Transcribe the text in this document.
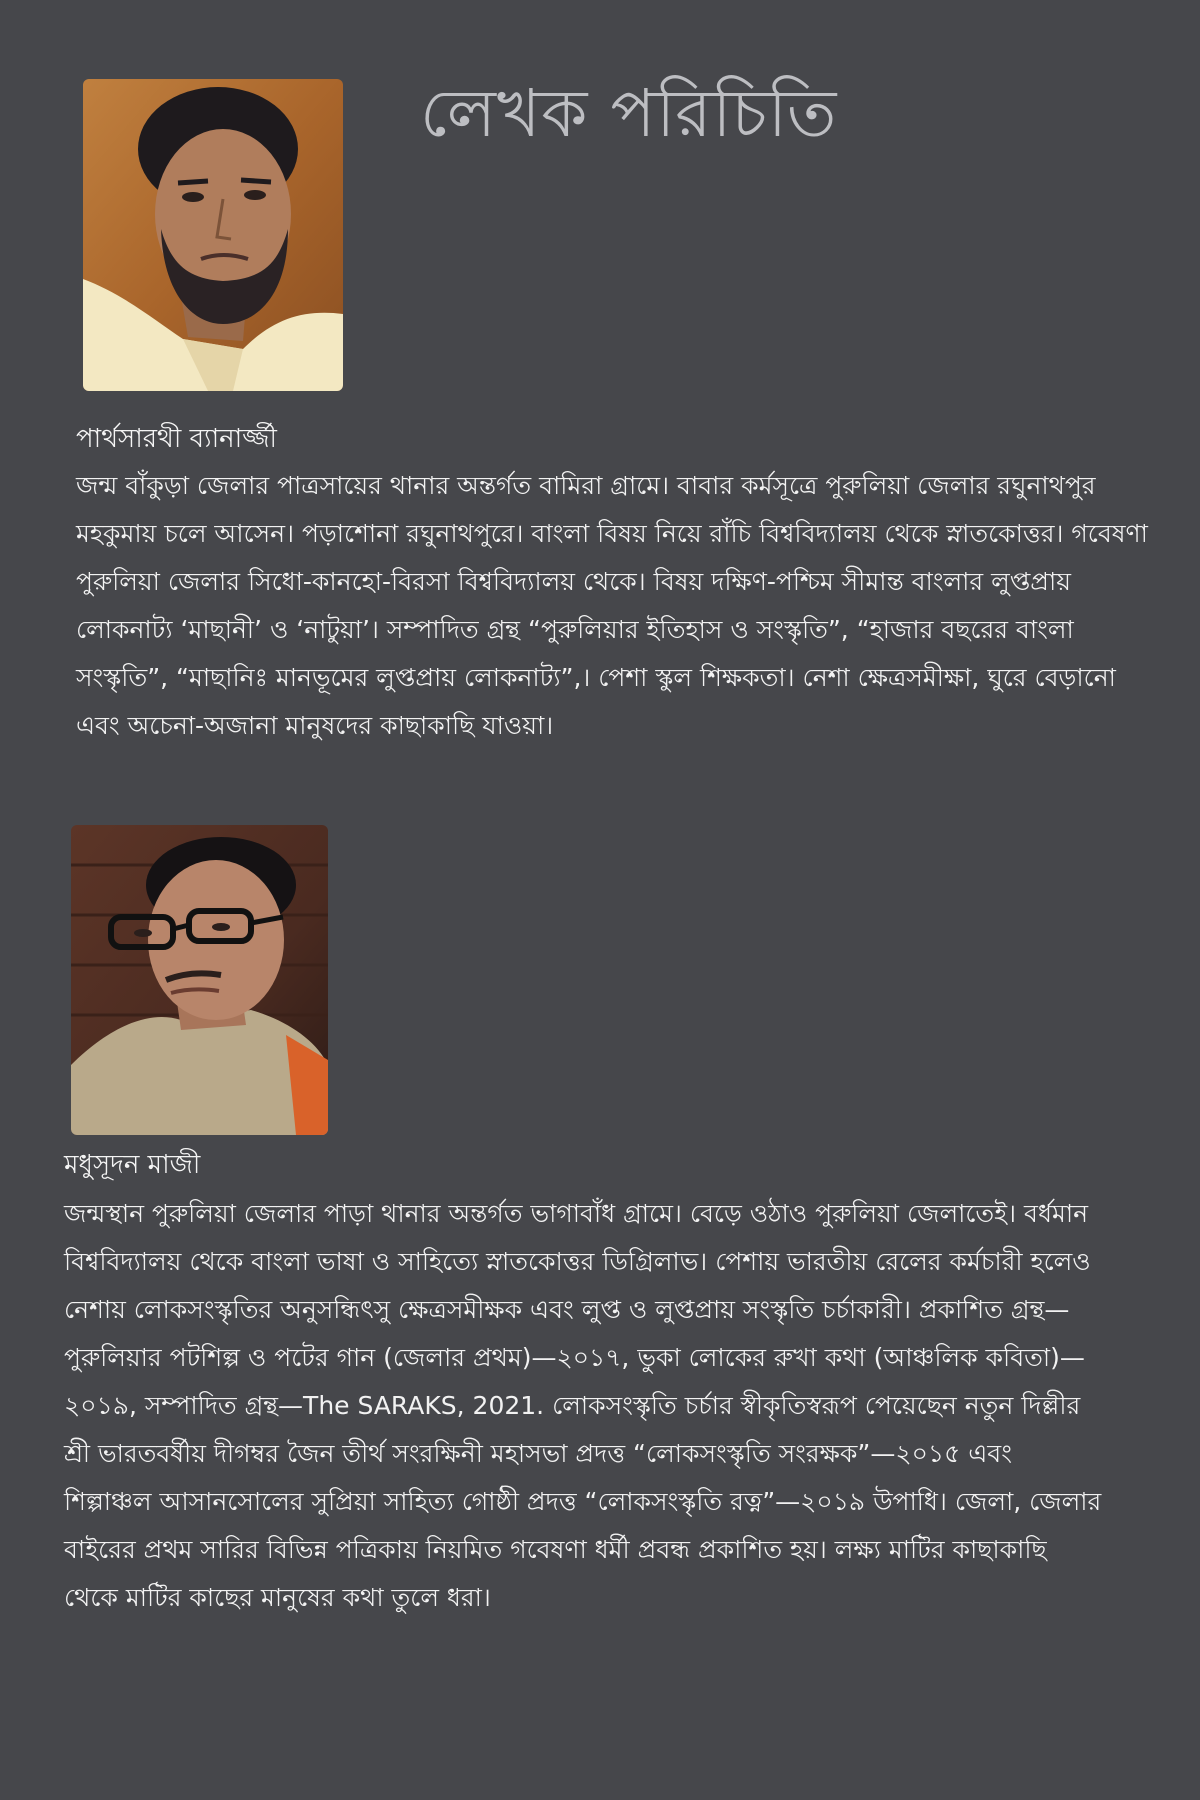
লেখক পরিচিতি
পার্থসারথী ব্যানার্জ্জী

জন্ম বাঁকুড়া জেলার পাত্রসায়ের থানার অন্তর্গত বামিরা গ্রামে। বাবার কর্মসূত্রে পুরুলিয়া জেলার রঘুনাথপুর মহকুমায় চলে আসেন। পড়াশোনা রঘুনাথপুরে। বাংলা বিষয় নিয়ে রাঁচি বিশ্ববিদ্যালয় থেকে স্নাতকোত্তর। গবেষণা পুরুলিয়া জেলার সিধো-কানহো-বিরসা বিশ্ববিদ্যালয় থেকে। বিষয় দক্ষিণ-পশ্চিম সীমান্ত বাংলার লুপ্তপ্রায় লোকনাট্য ‘মাছানী’ ও ‘নাটুয়া’। সম্পাদিত গ্রন্থ “পুরুলিয়ার ইতিহাস ও সংস্কৃতি”, “হাজার বছরের বাংলা সংস্কৃতি”, “মাছানিঃ মানভূমের লুপ্তপ্রায় লোকনাট্য”,। পেশা স্কুল শিক্ষকতা। নেশা ক্ষেত্রসমীক্ষা, ঘুরে বেড়ানো এবং অচেনা-অজানা মানুষদের কাছাকাছি যাওয়া।

মধুসূদন মাজী

জন্মস্থান পুরুলিয়া জেলার পাড়া থানার অন্তর্গত ভাগাবাঁধ গ্রামে। বেড়ে ওঠাও পুরুলিয়া জেলাতেই। বর্ধমান বিশ্ববিদ্যালয় থেকে বাংলা ভাষা ও সাহিত্যে স্নাতকোত্তর ডিগ্রিলাভ। পেশায় ভারতীয় রেলের কর্মচারী হলেও নেশায় লোকসংস্কৃতির অনুসন্ধিৎসু ক্ষেত্রসমীক্ষক এবং লুপ্ত ও লুপ্তপ্রায় সংস্কৃতি চর্চাকারী। প্রকাশিত গ্রন্থ—পুরুলিয়ার পটশিল্প ও পটের গান (জেলার প্রথম)—২০১৭, ভুকা লোকের রুখা কথা (আঞ্চলিক কবিতা)—২০১৯, সম্পাদিত গ্রন্থ—The SARAKS, 2021. লোকসংস্কৃতি চর্চার স্বীকৃতিস্বরূপ পেয়েছেন নতুন দিল্লীর শ্রী ভারতবর্ষীয় দীগম্বর জৈন তীর্থ সংরক্ষিনী মহাসভা প্রদত্ত “লোকসংস্কৃতি সংরক্ষক”—২০১৫ এবং শিল্পাঞ্চল আসানসোলের সুপ্রিয়া সাহিত্য গোষ্ঠী প্রদত্ত “লোকসংস্কৃতি রত্ন”—২০১৯ উপাধি। জেলা, জেলার বাইরের প্রথম সারির বিভিন্ন পত্রিকায় নিয়মিত গবেষণা ধর্মী প্রবন্ধ প্রকাশিত হয়। লক্ষ্য মাটির কাছাকাছি থেকে মাটির কাছের মানুষের কথা তুলে ধরা।
